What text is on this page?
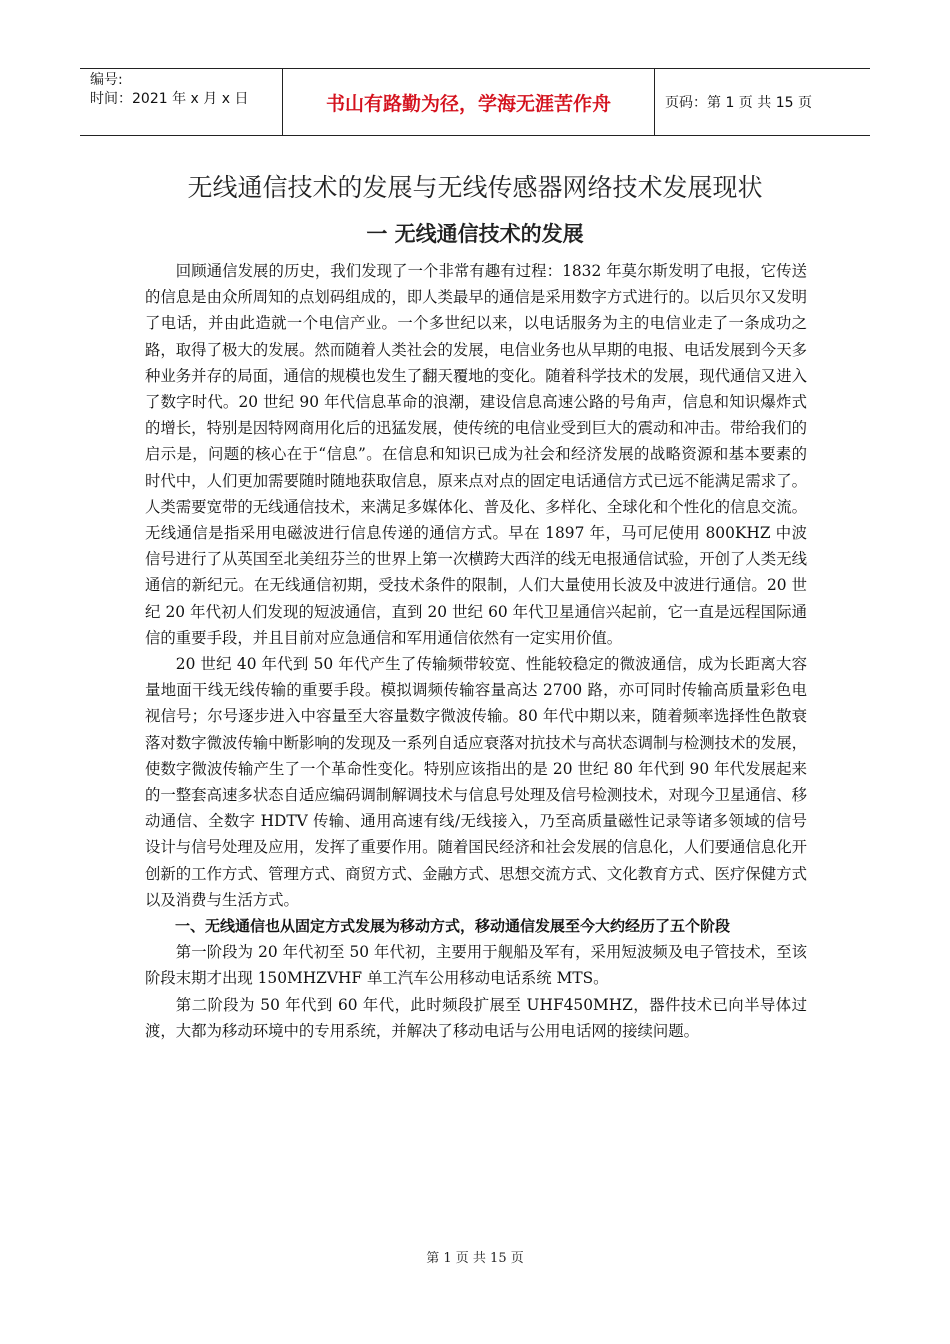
编号:
时间：2021 年 x 月 x 日	书山有路勤为径，学海无涯苦作舟	页码：第 1 页 共 15 页
无线通信技术的发展与无线传感器网络技术发展现状
一 无线通信技术的发展

回顾通信发展的历史，我们发现了一个非常有趣有过程：1832 年莫尔斯发明了电报，它传送的信息是由众所周知的点划码组成的，即人类最早的通信是采用数字方式进行的。以后贝尔又发明了电话，并由此造就一个电信产业。一个多世纪以来，以电话服务为主的电信业走了一条成功之路，取得了极大的发展。然而随着人类社会的发展，电信业务也从早期的电报、电话发展到今天多种业务并存的局面，通信的规模也发生了翻天覆地的变化。随着科学技术的发展，现代通信又进入了数字时代。20 世纪 90 年代信息革命的浪潮，建设信息高速公路的号角声，信息和知识爆炸式的增长，特别是因特网商用化后的迅猛发展，使传统的电信业受到巨大的震动和冲击。带给我们的启示是，问题的核心在于“信息”。在信息和知识已成为社会和经济发展的战略资源和基本要素的时代中，人们更加需要随时随地获取信息，原来点对点的固定电话通信方式已远不能满足需求了。人类需要宽带的无线通信技术，来满足多媒体化、普及化、多样化、全球化和个性化的信息交流。无线通信是指采用电磁波进行信息传递的通信方式。早在 1897 年，马可尼使用 800KHZ 中波信号进行了从英国至北美纽芬兰的世界上第一次横跨大西洋的线无电报通信试验，开创了人类无线通信的新纪元。在无线通信初期，受技术条件的限制，人们大量使用长波及中波进行通信。20 世纪 20 年代初人们发现的短波通信，直到 20 世纪 60 年代卫星通信兴起前，它一直是远程国际通信的重要手段，并且目前对应急通信和军用通信依然有一定实用价值。

20 世纪 40 年代到 50 年代产生了传输频带较宽、性能较稳定的微波通信，成为长距离大容量地面干线无线传输的重要手段。模拟调频传输容量高达 2700 路，亦可同时传输高质量彩色电视信号；尔号逐步进入中容量至大容量数字微波传输。80 年代中期以来，随着频率选择性色散衰落对数字微波传输中断影响的发现及一系列自适应衰落对抗技术与高状态调制与检测技术的发展，使数字微波传输产生了一个革命性变化。特别应该指出的是 20 世纪 80 年代到 90 年代发展起来的一整套高速多状态自适应编码调制解调技术与信息号处理及信号检测技术，对现今卫星通信、移动通信、全数字 HDTV 传输、通用高速有线/无线接入，乃至高质量磁性记录等诸多领域的信号设计与信号处理及应用，发挥了重要作用。随着国民经济和社会发展的信息化，人们要通信息化开创新的工作方式、管理方式、商贸方式、金融方式、思想交流方式、文化教育方式、医疗保健方式以及消费与生活方式。

一、无线通信也从固定方式发展为移动方式，移动通信发展至今大约经历了五个阶段

第一阶段为 20 年代初至 50 年代初，主要用于舰船及军有，采用短波频及电子管技术，至该阶段末期才出现 150MHZVHF 单工汽车公用移动电话系统 MTS。

第二阶段为 50 年代到 60 年代，此时频段扩展至 UHF450MHZ，器件技术已向半导体过渡，大都为移动环境中的专用系统，并解决了移动电话与公用电话网的接续问题。

第 1 页 共 15 页
